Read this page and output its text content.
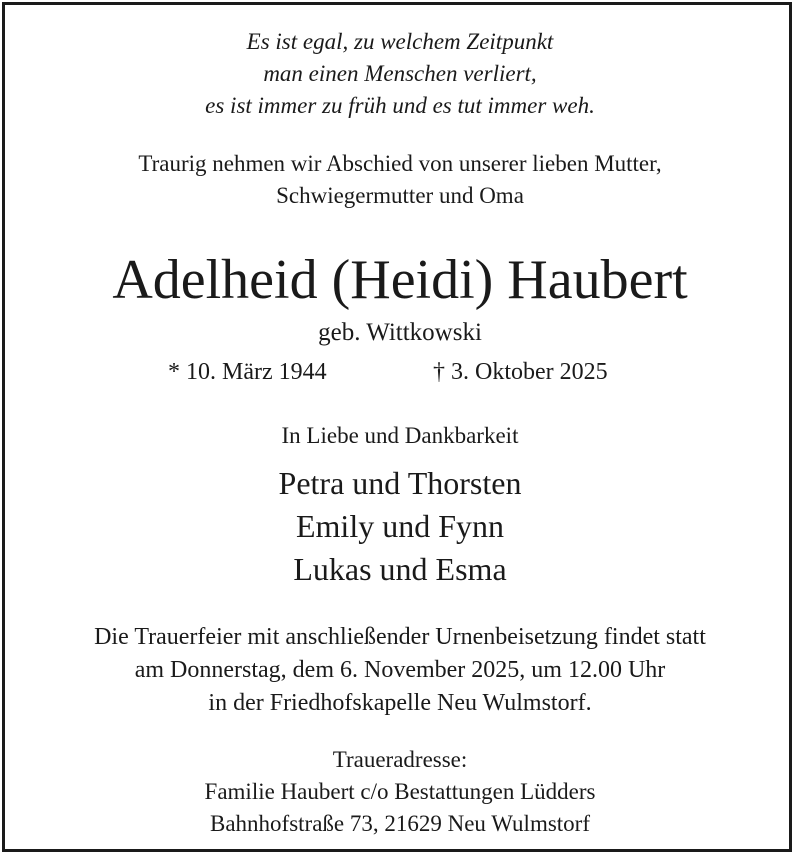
Es ist egal, zu welchem Zeitpunkt
man einen Menschen verliert,
es ist immer zu früh und es tut immer weh.
Traurig nehmen wir Abschied von unserer lieben Mutter,
Schwiegermutter und Oma
Adelheid (Heidi) Haubert
geb. Wittkowski
* 10. März 1944	† 3. Oktober 2025
In Liebe und Dankbarkeit
Petra und Thorsten
Emily und Fynn
Lukas und Esma
Die Trauerfeier mit anschließender Urnenbeisetzung findet statt
am Donnerstag, dem 6. November 2025, um 12.00 Uhr
in der Friedhofskapelle Neu Wulmstorf.
Traueradresse:
Familie Haubert c/o Bestattungen Lüdders
Bahnhofstraße 73, 21629 Neu Wulmstorf
